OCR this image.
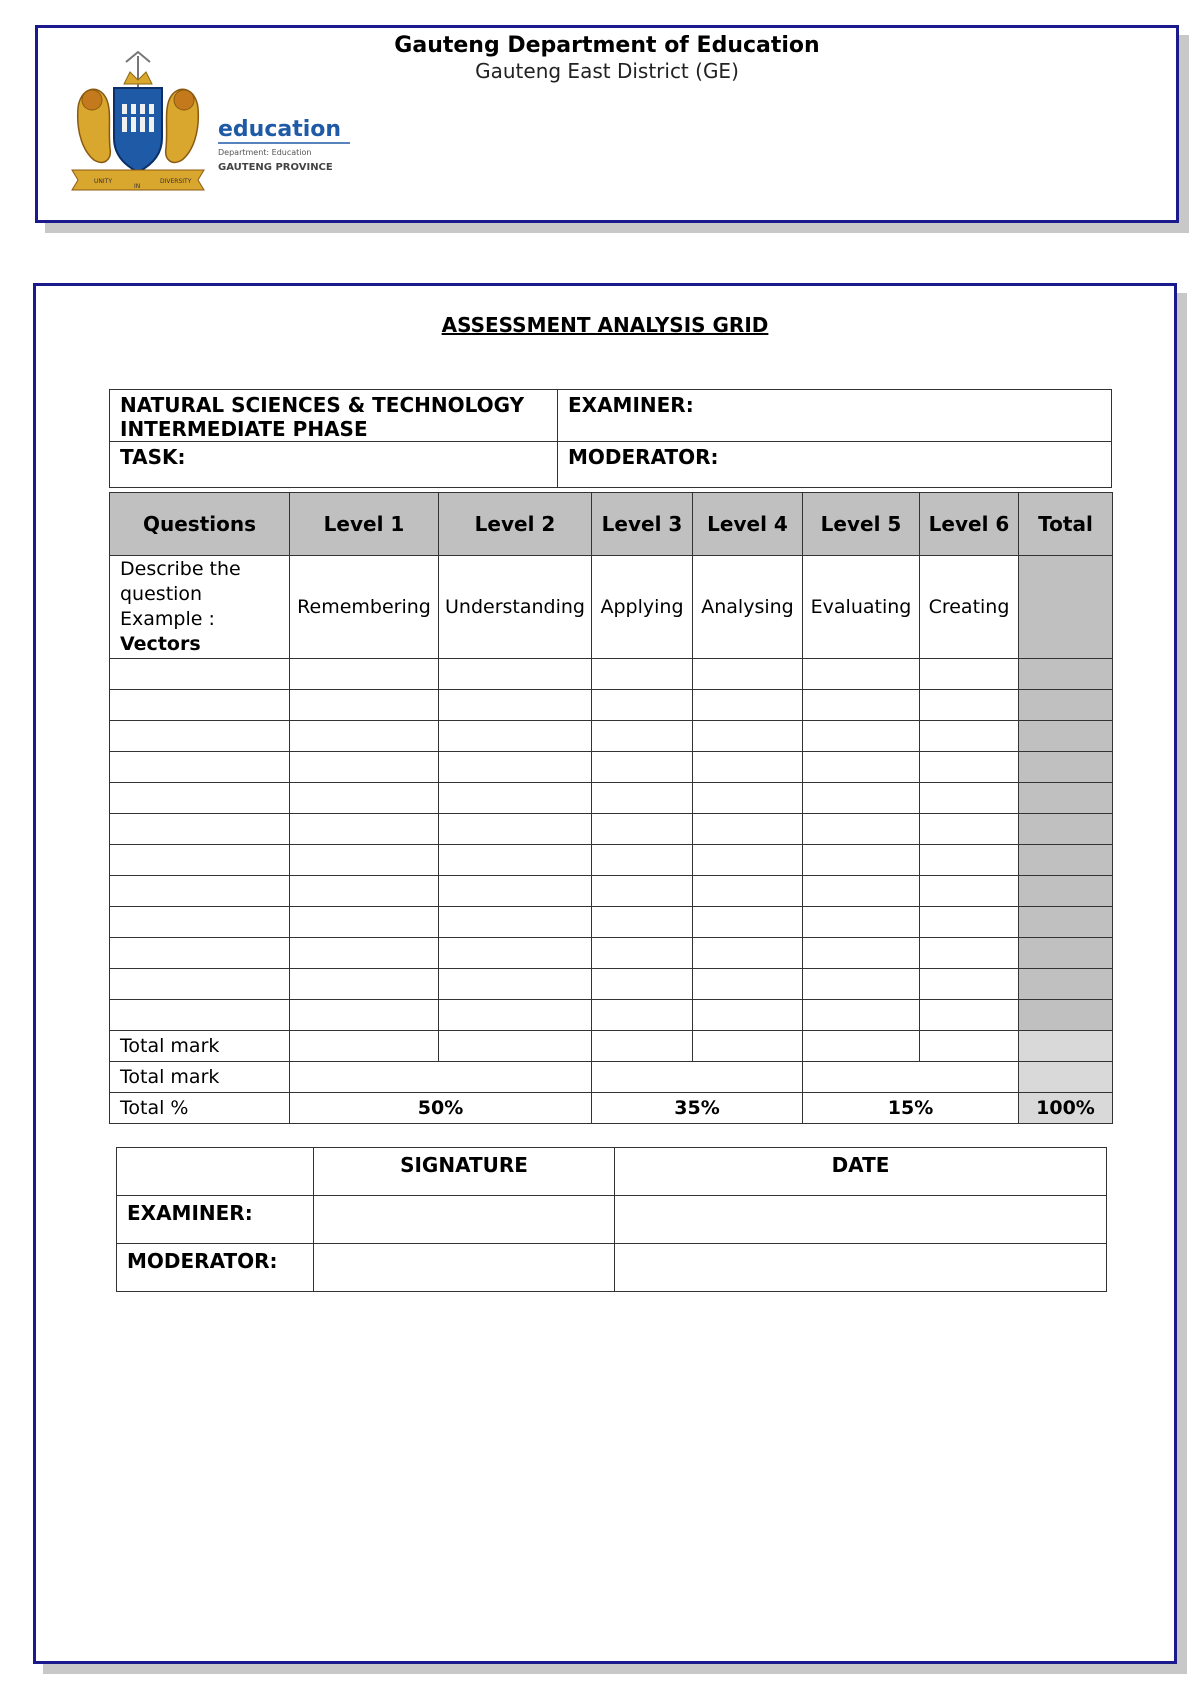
Gauteng Department of Education
Gauteng East District (GE)
UNITY
IN
DIVERSITY
education
Department: Education
GAUTENG PROVINCE
ASSESSMENT ANALYSIS GRID
NATURAL SCIENCES & TECHNOLOGY INTERMEDIATE PHASE	EXAMINER:
TASK:	MODERATOR:
Questions	Level 1	Level 2	Level 3	Level 4	Level 5	Level 6	Total

Describe the
question
Example :
Vectors	Remembering	Understanding	Applying	Analysing	Evaluating	Creating	

Total mark							
Total mark							
Total %	50%		35%		15%		100%
	SIGNATURE	DATE
EXAMINER:		
MODERATOR:		
